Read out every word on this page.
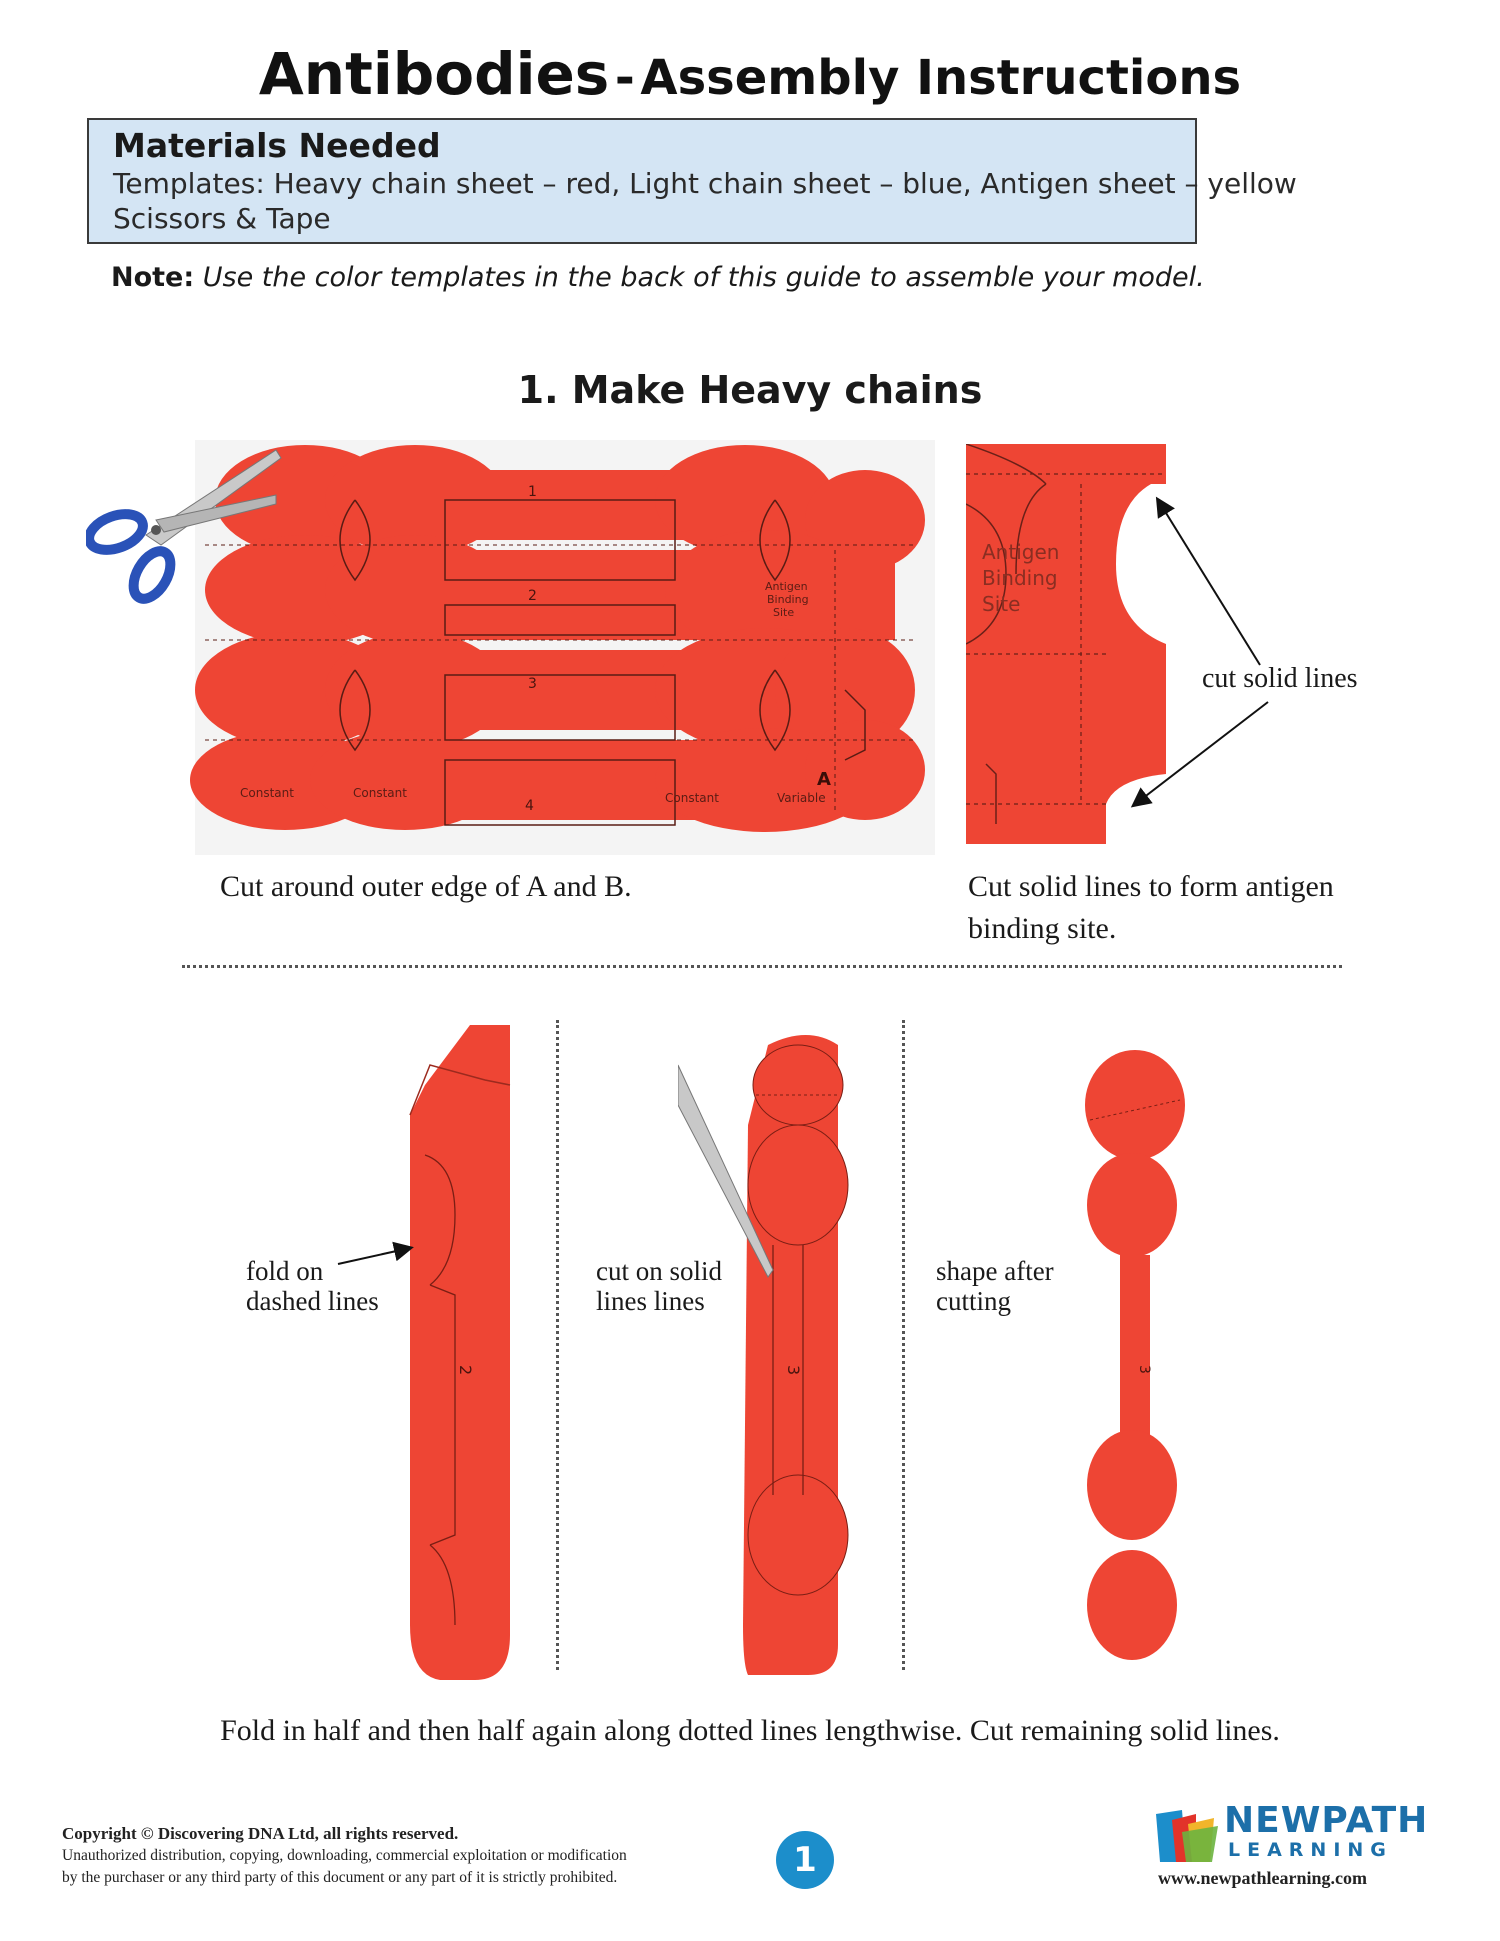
Antibodies - Assembly Instructions
Materials Needed
Templates: Heavy chain sheet – red, Light chain sheet – blue, Antigen sheet – yellow
Scissors & Tape
Note: Use the color templates in the back of this guide to assemble your model.
1. Make Heavy chains
1
2
3
4
Antigen Binding Site
Constant	Constant	Constant	Variable
A
Antigen Binding Site
cut solid lines
Cut around outer edge of A and B.	Cut solid lines to form antigen
binding site.
2
fold on
dashed lines
3
cut on solid
lines lines
3
shape after
cutting
Fold in half and then half again along dotted lines lengthwise. Cut remaining solid lines.
Copyright © Discovering DNA Ltd, all rights reserved.
Unauthorized distribution, copying, downloading, commercial exploitation or modification
by the purchaser or any third party of this document or any part of it is strictly prohibited.	1
NEWPATH
LEARNING
www.newpathlearning.com
